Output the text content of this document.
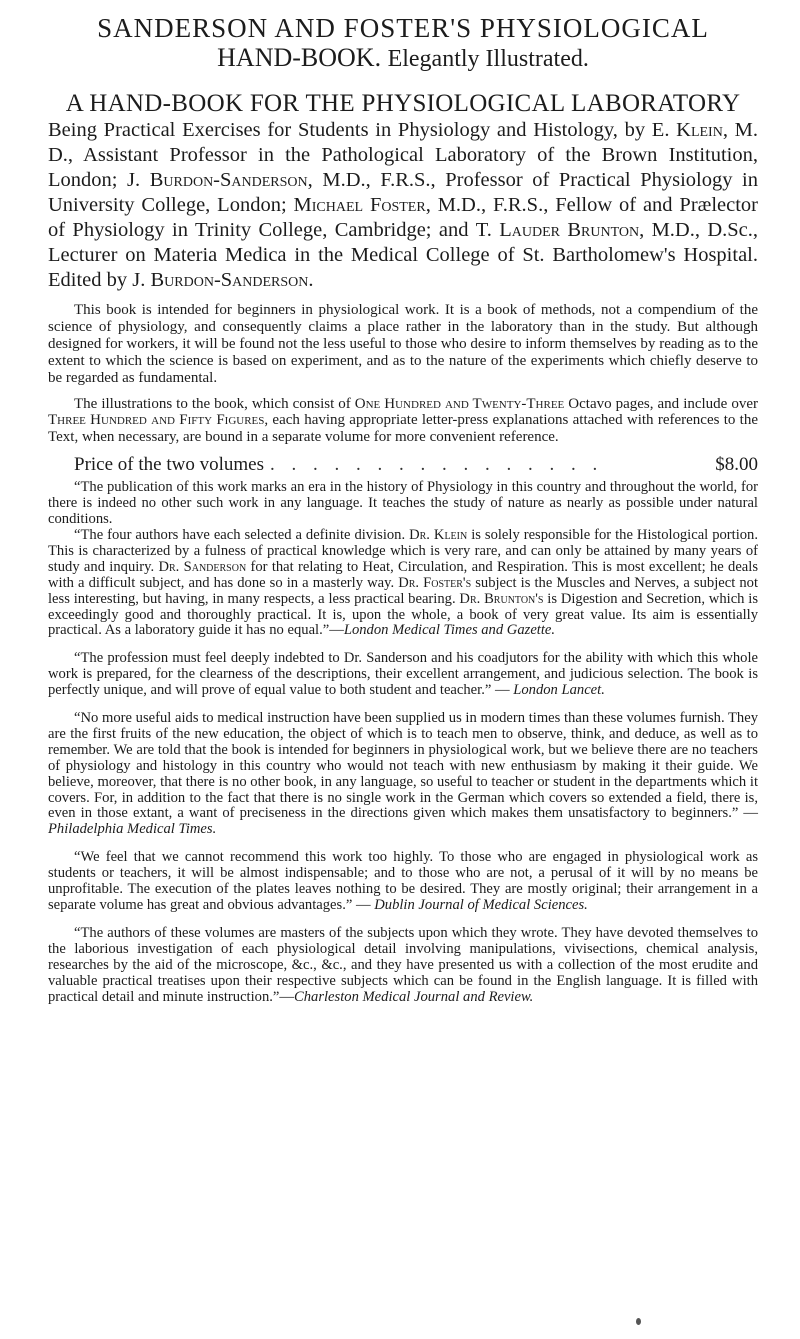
SANDERSON AND FOSTER'S PHYSIOLOGICAL
HAND-BOOK. Elegantly Illustrated.
A HAND-BOOK FOR THE PHYSIOLOGICAL LABORATORY

Being Practical Exercises for Students in Physiology and Histology, by E. Klein, M. D., Assistant Professor in the Pathological Laboratory of the Brown Institution, London; J. Burdon-Sanderson, M.D., F.R.S., Professor of Practical Physiology in University College, London; Michael Foster, M.D., F.R.S., Fellow of and Prælector of Physiology in Trinity College, Cambridge; and T. Lauder Brunton, M.D., D.Sc., Lecturer on Materia Medica in the Medical College of St. Bartholomew's Hospital. Edited by J. Burdon-Sanderson.

This book is intended for beginners in physiological work. It is a book of methods, not a compendium of the science of physiology, and consequently claims a place rather in the laboratory than in the study. But although designed for workers, it will be found not the less useful to those who desire to inform themselves by reading as to the extent to which the science is based on experiment, and as to the nature of the experiments which chiefly deserve to be regarded as fundamental.

The illustrations to the book, which consist of One Hundred and Twenty-Three Octavo pages, and include over Three Hundred and Fifty Figures, each having appropriate letter-press explanations attached with references to the Text, when necessary, are bound in a separate volume for more convenient reference.

Price of the two volumes . . . . . . . . . . . . . . . .	$8.00

“The publication of this work marks an era in the history of Physiology in this country and throughout the world, for there is indeed no other such work in any language. It teaches the study of nature as nearly as possible under natural conditions.
“The four authors have each selected a definite division. Dr. Klein is solely responsible for the Histological portion. This is characterized by a fulness of practical knowledge which is very rare, and can only be attained by many years of study and inquiry. Dr. Sanderson for that relating to Heat, Circulation, and Respiration. This is most excellent; he deals with a difficult subject, and has done so in a masterly way. Dr. Foster's subject is the Muscles and Nerves, a subject not less interesting, but having, in many respects, a less practical bearing. Dr. Brunton's is Digestion and Secretion, which is exceedingly good and thoroughly practical. It is, upon the whole, a book of very great value. Its aim is essentially practical. As a laboratory guide it has no equal.”—London Medical Times and Gazette.

“The profession must feel deeply indebted to Dr. Sanderson and his coadjutors for the ability with which this whole work is prepared, for the clearness of the descriptions, their excellent arrangement, and judicious selection. The book is perfectly unique, and will prove of equal value to both student and teacher.” — London Lancet.

“No more useful aids to medical instruction have been supplied us in modern times than these volumes furnish. They are the first fruits of the new education, the object of which is to teach men to observe, think, and deduce, as well as to remember. We are told that the book is intended for beginners in physiological work, but we believe there are no teachers of physiology and histology in this country who would not teach with new enthusiasm by making it their guide. We believe, moreover, that there is no other book, in any language, so useful to teacher or student in the departments which it covers. For, in addition to the fact that there is no single work in the German which covers so extended a field, there is, even in those extant, a want of preciseness in the directions given which makes them unsatisfactory to beginners.” —Philadelphia Medical Times.

“We feel that we cannot recommend this work too highly. To those who are engaged in physiological work as students or teachers, it will be almost indispensable; and to those who are not, a perusal of it will by no means be unprofitable. The execution of the plates leaves nothing to be desired. They are mostly original; their arrangement in a separate volume has great and obvious advantages.” — Dublin Journal of Medical Sciences.

“The authors of these volumes are masters of the subjects upon which they wrote. They have devoted themselves to the laborious investigation of each physiological detail involving manipulations, vivisections, chemical analysis, researches by the aid of the microscope, &c., &c., and they have presented us with a collection of the most erudite and valuable practical treatises upon their respective subjects which can be found in the English language. It is filled with practical detail and minute instruction.”—Charleston Medical Journal and Review.
